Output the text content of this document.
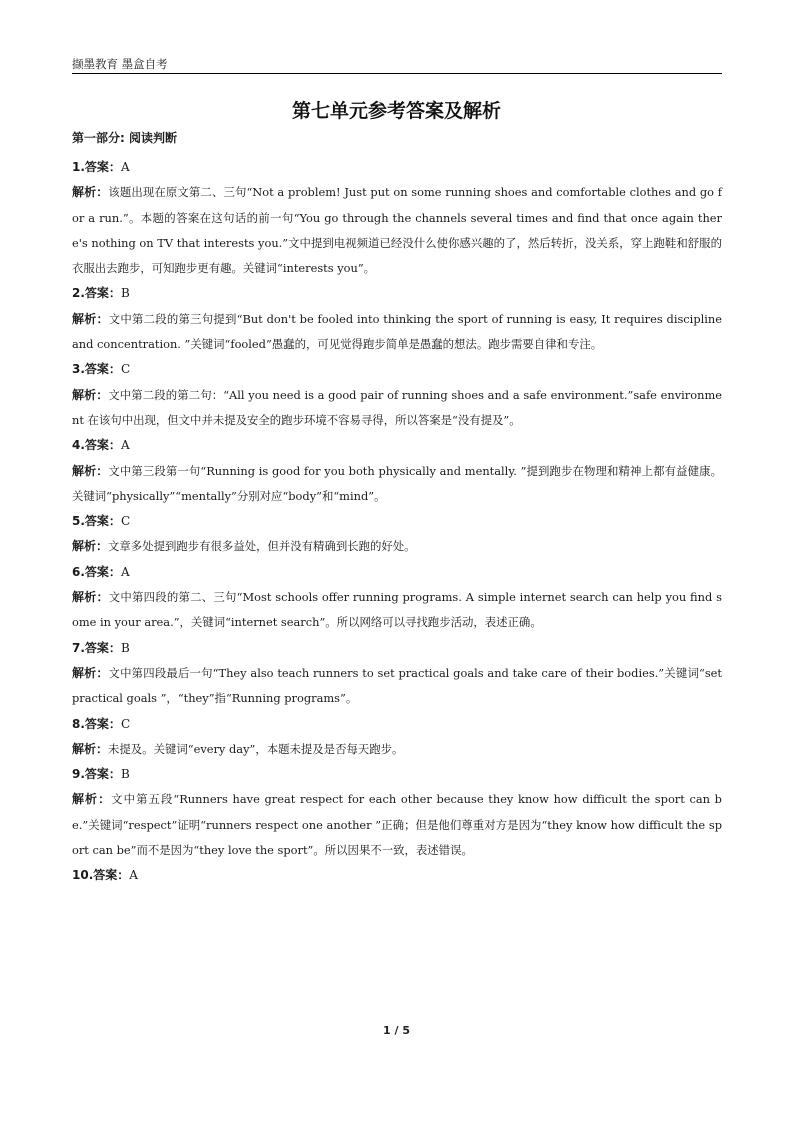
撷墨教育 墨盒自考
第七单元参考答案及解析
第一部分: 阅读判断
1.答案：A
解析：该题出现在原文第二、三句“Not a problem! Just put on some running shoes and comfortable clothes and go for a run.”。本题的答案在这句话的前一句“You go through the channels several times and find that once again there's nothing on TV that interests you.”文中提到电视频道已经没什么使你感兴趣的了，然后转折，没关系，穿上跑鞋和舒服的衣服出去跑步，可知跑步更有趣。关键词“interests you”。
2.答案：B
解析：文中第二段的第三句提到“But don't be fooled into thinking the sport of running is easy, It requires discipline and concentration. ”关键词“fooled”愚蠢的，可见觉得跑步简单是愚蠢的想法。跑步需要自律和专注。
3.答案：C
解析：文中第二段的第二句：“All you need is a good pair of running shoes and a safe environment.”safe environment 在该句中出现，但文中并未提及安全的跑步环境不容易寻得，所以答案是“没有提及”。
4.答案：A
解析：文中第三段第一句“Running is good for you both physically and mentally. ”提到跑步在物理和精神上都有益健康。关键词“physically”“mentally”分别对应“body”和“mind”。
5.答案：C
解析：文章多处提到跑步有很多益处，但并没有精确到长跑的好处。
6.答案：A
解析：文中第四段的第二、三句“Most schools offer running programs. A simple internet search can help you find some in your area.”，关键词“internet search”。所以网络可以寻找跑步活动，表述正确。
7.答案：B
解析：文中第四段最后一句“They also teach runners to set practical goals and take care of their bodies.”关键词“set practical goals ”，“they”指“Running programs”。
8.答案：C
解析：未提及。关键词“every day”，本题未提及是否每天跑步。
9.答案：B
解析：文中第五段“Runners have great respect for each other because they know how difficult the sport can be.”关键词“respect”证明“runners respect one another ”正确；但是他们尊重对方是因为“they know how difficult the sport can be”而不是因为“they love the sport”。所以因果不一致，表述错误。
10.答案：A
1 / 5
